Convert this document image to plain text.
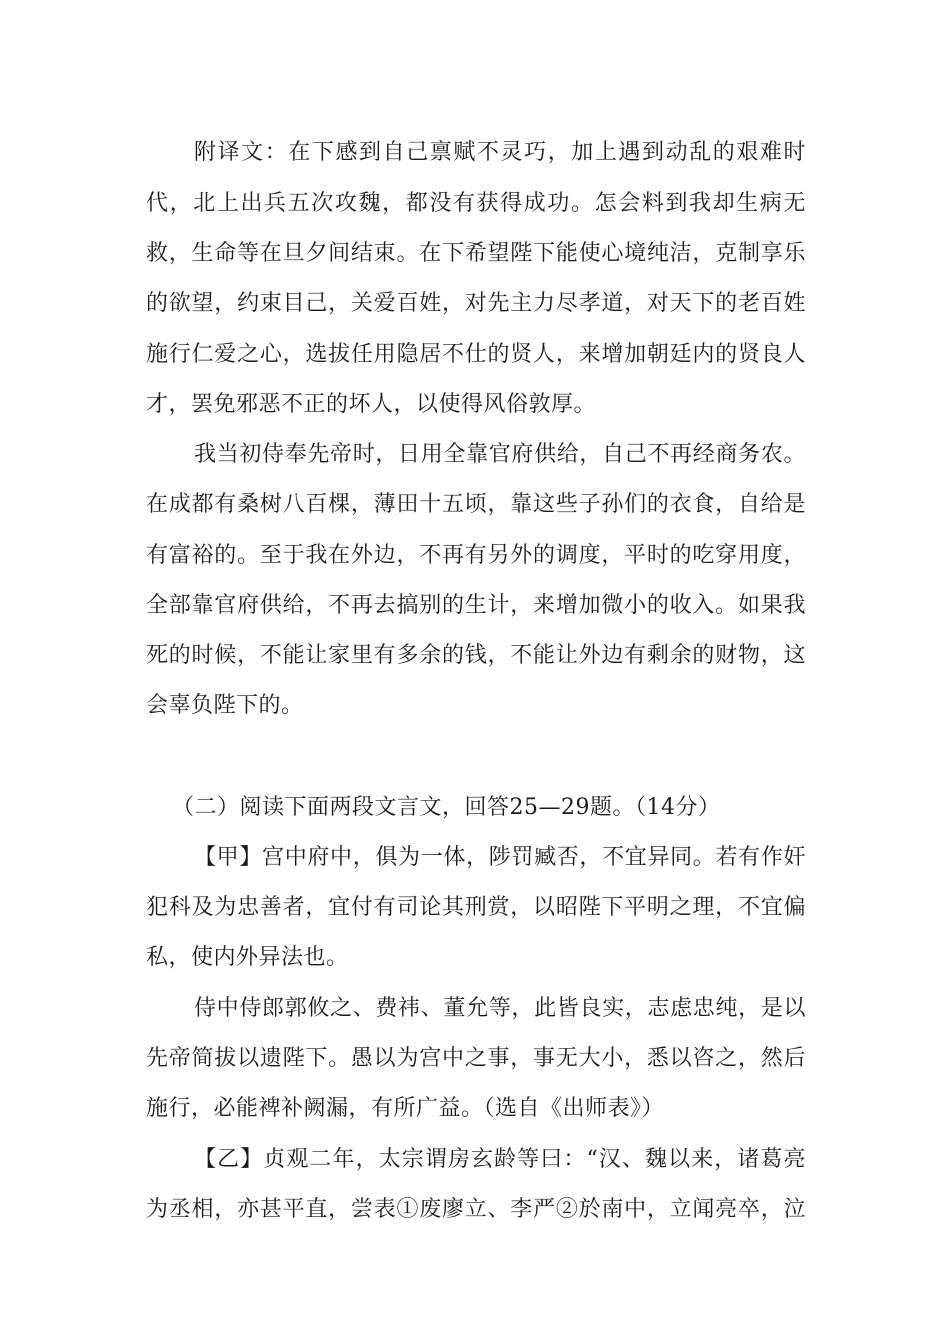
附译文：在下感到自己禀赋不灵巧，加上遇到动乱的艰难时
代，北上出兵五次攻魏，都没有获得成功。怎会料到我却生病无
救，生命等在旦夕间结束。在下希望陛下能使心境纯洁，克制享乐
的欲望，约束目己，关爱百姓，对先主力尽孝道，对天下的老百姓
施行仁爱之心，选拔任用隐居不仕的贤人，来增加朝廷内的贤良人
才，罢免邪恶不正的坏人，以使得风俗敦厚。
我当初侍奉先帝时，日用全靠官府供给，自己不再经商务农。
在成都有桑树八百棵，薄田十五顷，靠这些子孙们的衣食，自给是
有富裕的。至于我在外边，不再有另外的调度，平时的吃穿用度，
全部靠官府供给，不再去搞别的生计，来增加微小的收入。如果我
死的时候，不能让家里有多余的钱，不能让外边有剩余的财物，这
会辜负陛下的。
（二）阅读下面两段文言文，回答25—29题。（14分）
【甲】宫中府中，俱为一体，陟罚臧否，不宜异同。若有作奸
犯科及为忠善者，宜付有司论其刑赏，以昭陛下平明之理，不宜偏
私，使内外异法也。
侍中侍郎郭攸之、费祎、董允等，此皆良实，志虑忠纯，是以
先帝简拔以遗陛下。愚以为宫中之事，事无大小，悉以咨之，然后
施行，必能裨补阙漏，有所广益。（选自《出师表》）
【乙】贞观二年，太宗谓房玄龄等曰：“汉、魏以来，诸葛亮
为丞相，亦甚平直，尝表①废廖立、李严②於南中，立闻亮卒，泣
